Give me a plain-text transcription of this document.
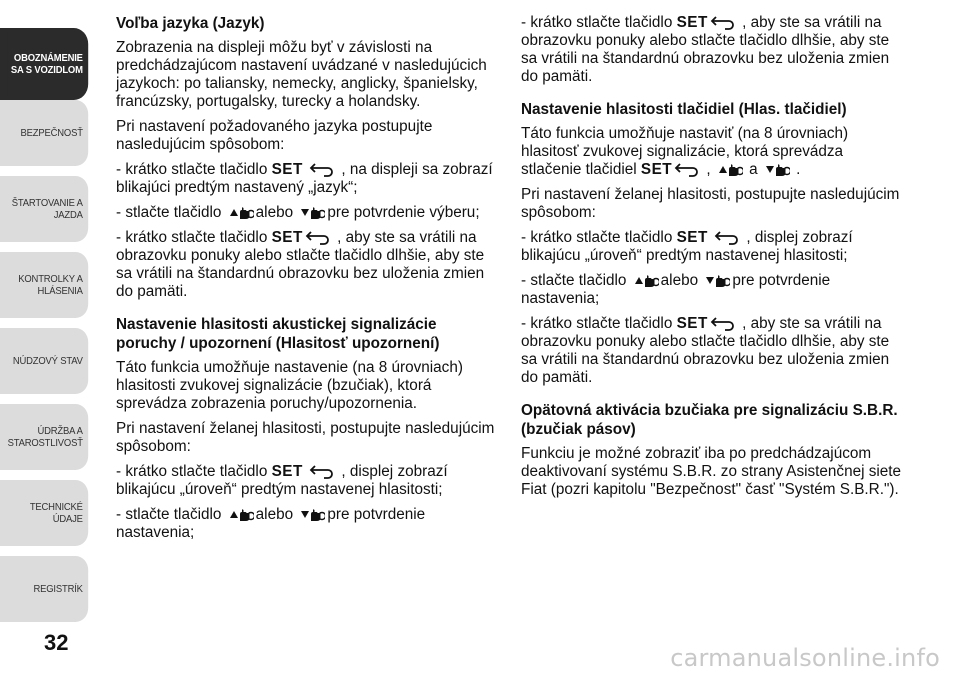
OBOZNÁMENIE
SA S VOZIDLOM
BEZPEČNOSŤ
ŠTARTOVANIE A
JAZDA
KONTROLKY A
HLÁSENIA
NÚDZOVÝ STAV
ÚDRŽBA A
STAROSTLIVOSŤ
TECHNICKÉ ÚDAJE
REGISTRÍK
32
Voľba jazyka (Jazyk)

Zobrazenia na displeji môžu byť v závislosti na predchádzajúcom nastavení uvádzané v nasledujúcich jazykoch: po taliansky, nemecky, anglicky, španielsky, francúzsky, portugalsky, turecky a holandsky.

Pri nastavení požadovaného jazyka postupujte nasledujúcim spôsobom:

- krátko stlačte tlačidlo SET
, na displeji sa zobrazí blikajúci predtým nastavený „jazyk“;

- stlačte tlačidlo
alebo
pre potvrdenie výberu;

- krátko stlačte tlačidlo SET
, aby ste sa vrátili na obrazovku ponuky alebo stlačte tlačidlo dlhšie, aby ste sa vrátili na štandardnú obrazovku bez uloženia zmien do pamäti.

Nastavenie hlasitosti akustickej signalizácie poruchy / upozornení (Hlasitosť upozornení)

Táto funkcia umožňuje nastavenie (na 8 úrovniach) hlasitosti zvukovej signalizácie (bzučiak), ktorá sprevádza zobrazenia poruchy/upozornenia.

Pri nastavení želanej hlasitosti, postupujte nasledujúcim spôsobom:

- krátko stlačte tlačidlo SET
, displej zobrazí blikajúcu „úroveň“ predtým nastavenej hlasitosti;

- stlačte tlačidlo
alebo
pre potvrdenie nastavenia;

- krátko stlačte tlačidlo SET
, aby ste sa vrátili na obrazovku ponuky alebo stlačte tlačidlo dlhšie, aby ste sa vrátili na štandardnú obrazovku bez uloženia zmien do pamäti.

Nastavenie hlasitosti tlačidiel (Hlas. tlačidiel)

Táto funkcia umožňuje nastaviť (na 8 úrovniach) hlasitosť zvukovej signalizácie, ktorá sprevádza stlačenie tlačidiel SET
,
a
.

Pri nastavení želanej hlasitosti, postupujte nasledujúcim spôsobom:

- krátko stlačte tlačidlo SET
, displej zobrazí blikajúcu „úroveň“ predtým nastavenej hlasitosti;

- stlačte tlačidlo
alebo
pre potvrdenie nastavenia;

- krátko stlačte tlačidlo SET
, aby ste sa vrátili na obrazovku ponuky alebo stlačte tlačidlo dlhšie, aby ste sa vrátili na štandardnú obrazovku bez uloženia zmien do pamäti.

Opätovná aktivácia bzučiaka pre signalizáciu S.B.R. (bzučiak pásov)

Funkciu je možné zobraziť iba po predchádzajúcom deaktivovaní systému S.B.R. zo strany Asistenčnej siete Fiat (pozri kapitolu "Bezpečnost" časť "Systém S.B.R.").

carmanualsonline.info
